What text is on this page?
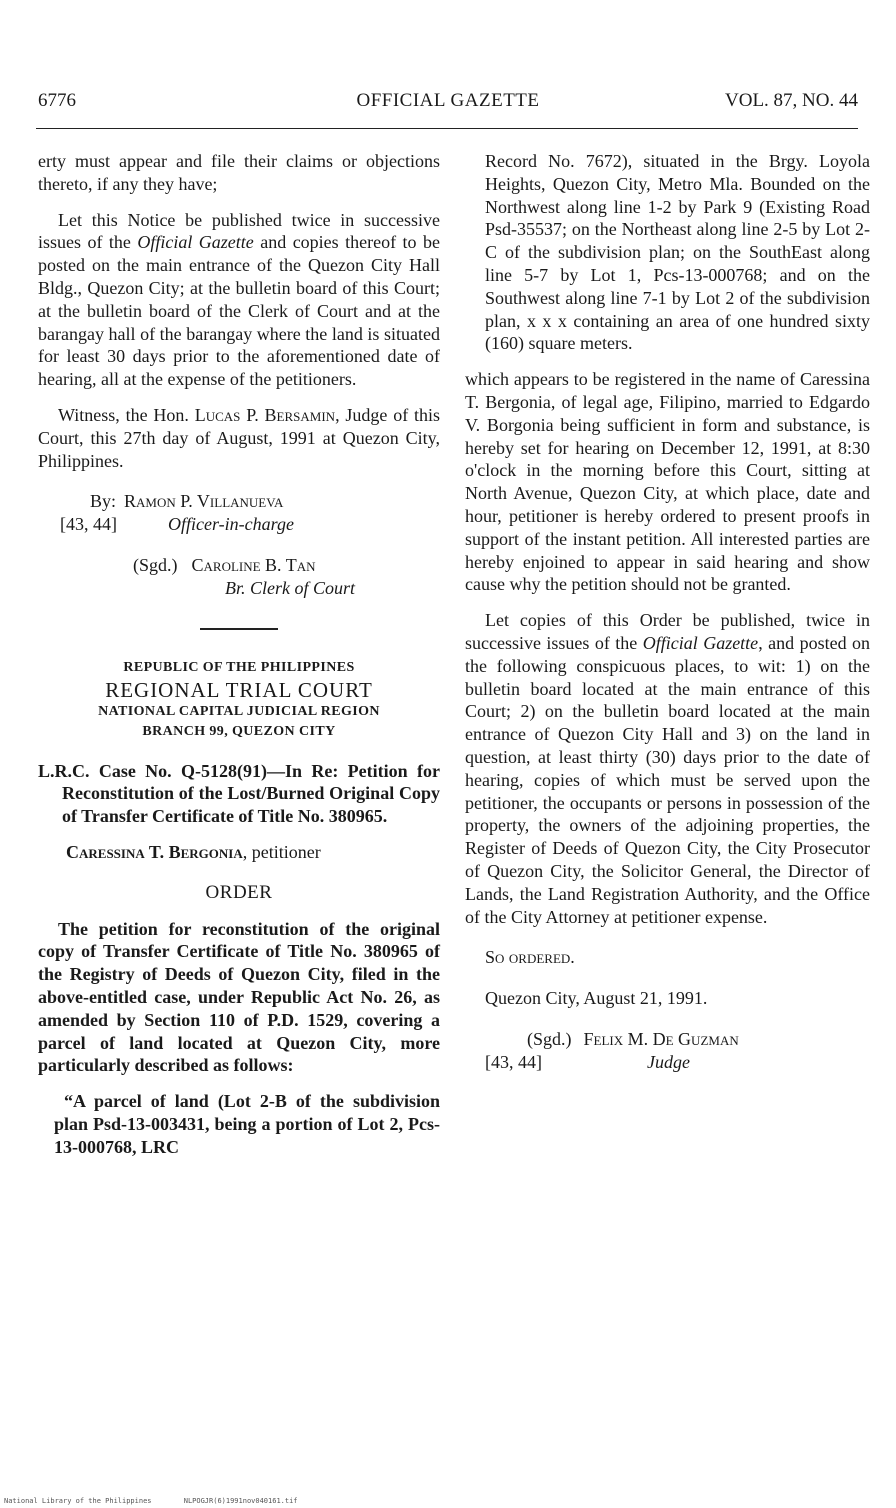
6776	OFFICIAL GAZETTE	VOL. 87, NO. 44

erty must appear and file their claims or objections thereto, if any they have;

Let this Notice be published twice in successive issues of the Official Gazette and copies thereof to be posted on the main entrance of the Quezon City Hall Bldg., Quezon City; at the bulletin board of this Court; at the bulletin board of the Clerk of Court and at the barangay hall of the barangay where the land is situated for least 30 days prior to the aforementioned date of hearing, all at the expense of the petitioners.

Witness, the Hon. Lucas P. Bersamin, Judge of this Court, this 27th day of August, 1991 at Quezon City, Philippines.

By: Ramon P. Villanueva
[43, 44]	Officer-in-charge
(Sgd.) Caroline B. Tan
Br. Clerk of Court
REPUBLIC OF THE PHILIPPINES
REGIONAL TRIAL COURT
NATIONAL CAPITAL JUDICIAL REGION
BRANCH 99, QUEZON CITY

L.R.C. Case No. Q-5128(91)—In Re: Petition for Reconstitution of the Lost/Burned Original Copy of Transfer Certificate of Title No. 380965.

Caressina T. Bergonia, petitioner

ORDER

The petition for reconstitution of the original copy of Transfer Certificate of Title No. 380965 of the Registry of Deeds of Quezon City, filed in the above-entitled case, under Republic Act No. 26, as amended by Section 110 of P.D. 1529, covering a parcel of land located at Quezon City, more particularly described as follows:

“A parcel of land (Lot 2-B of the subdivision plan Psd-13-003431, being a portion of Lot 2, Pcs-13-000768, LRC

Record No. 7672), situated in the Brgy. Loyola Heights, Quezon City, Metro Mla. Bounded on the Northwest along line 1-2 by Park 9 (Existing Road Psd-35537; on the Northeast along line 2-5 by Lot 2-C of the subdivision plan; on the SouthEast along line 5-7 by Lot 1, Pcs-13-000768; and on the Southwest along line 7-1 by Lot 2 of the subdivision plan, x x x containing an area of one hundred sixty (160) square meters.

which appears to be registered in the name of Caressina T. Bergonia, of legal age, Filipino, married to Edgardo V. Borgonia being sufficient in form and substance, is hereby set for hearing on December 12, 1991, at 8:30 o'clock in the morning before this Court, sitting at North Avenue, Quezon City, at which place, date and hour, petitioner is hereby ordered to present proofs in support of the instant petition. All interested parties are hereby enjoined to appear in said hearing and show cause why the petition should not be granted.

Let copies of this Order be published, twice in successive issues of the Official Gazette, and posted on the following conspicuous places, to wit: 1) on the bulletin board located at the main entrance of this Court; 2) on the bulletin board located at the main entrance of Quezon City Hall and 3) on the land in question, at least thirty (30) days prior to the date of hearing, copies of which must be served upon the petitioner, the occupants or persons in possession of the property, the owners of the adjoining properties, the Register of Deeds of Quezon City, the City Prosecutor of Quezon City, the Solicitor General, the Director of Lands, the Land Registration Authority, and the Office of the City Attorney at petitioner expense.

So ordered.

Quezon City, August 21, 1991.

(Sgd.) Felix M. De Guzman
[43, 44]	Judge
National Library of the Philippines	NLPOGJR(6)1991nov040161.tif
